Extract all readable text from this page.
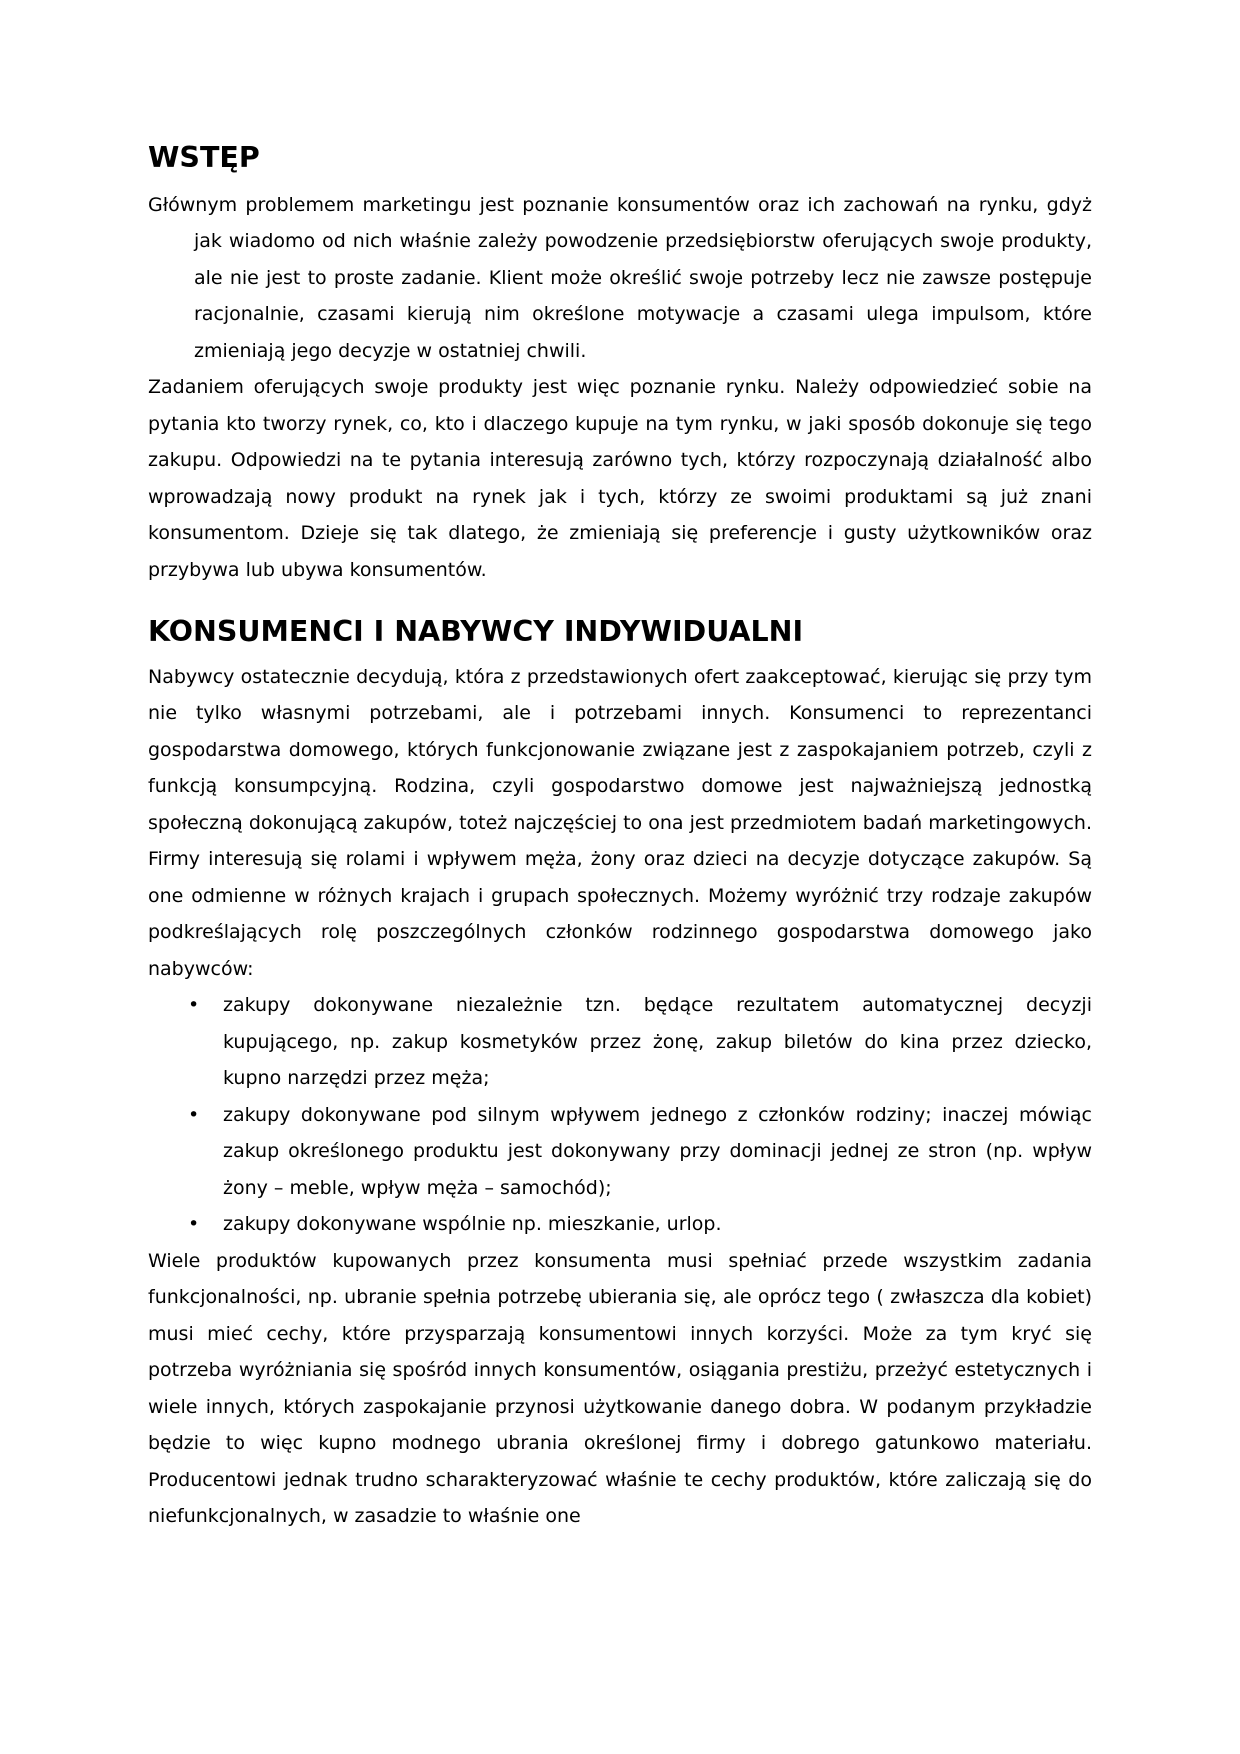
WSTĘP

Głównym problemem marketingu jest poznanie konsumentów oraz ich zachowań na rynku, gdyż jak wiadomo od nich właśnie zależy powodzenie przedsiębiorstw oferujących swoje produkty, ale nie jest to proste zadanie. Klient może określić swoje potrzeby lecz nie zawsze postępuje racjonalnie, czasami kierują nim określone motywacje a czasami ulega impulsom, które zmieniają jego decyzje w ostatniej chwili.

Zadaniem oferujących swoje produkty jest więc poznanie rynku. Należy odpowiedzieć sobie na pytania kto tworzy rynek, co, kto i dlaczego kupuje na tym rynku, w jaki sposób dokonuje się tego zakupu. Odpowiedzi na te pytania interesują zarówno tych, którzy rozpoczynają działalność albo wprowadzają nowy produkt na rynek jak i tych, którzy ze swoimi produktami są już znani konsumentom. Dzieje się tak dlatego, że zmieniają się preferencje i gusty użytkowników oraz przybywa lub ubywa konsumentów.

KONSUMENCI I NABYWCY INDYWIDUALNI

Nabywcy ostatecznie decydują, która z przedstawionych ofert zaakceptować, kierując się przy tym nie tylko własnymi potrzebami, ale i potrzebami innych. Konsumenci to reprezentanci gospodarstwa domowego, których funkcjonowanie związane jest z zaspokajaniem potrzeb, czyli z funkcją konsumpcyjną. Rodzina, czyli gospodarstwo domowe jest najważniejszą jednostką społeczną dokonującą zakupów, toteż najczęściej to ona jest przedmiotem badań marketingowych. Firmy interesują się rolami i wpływem męża, żony oraz dzieci na decyzje dotyczące zakupów. Są one odmienne w różnych krajach i grupach społecznych. Możemy wyróżnić trzy rodzaje zakupów podkreślających rolę poszczególnych członków rodzinnego gospodarstwa domowego jako nabywców:

• zakupy dokonywane niezależnie tzn. będące rezultatem automatycznej decyzji kupującego, np. zakup kosmetyków przez żonę, zakup biletów do kina przez dziecko, kupno narzędzi przez męża;
• zakupy dokonywane pod silnym wpływem jednego z członków rodziny; inaczej mówiąc zakup określonego produktu jest dokonywany przy dominacji jednej ze stron (np. wpływ żony – meble, wpływ męża – samochód);
• zakupy dokonywane wspólnie np. mieszkanie, urlop.

Wiele produktów kupowanych przez konsumenta musi spełniać przede wszystkim zadania funkcjonalności, np. ubranie spełnia potrzebę ubierania się, ale oprócz tego ( zwłaszcza dla kobiet) musi mieć cechy, które przysparzają konsumentowi innych korzyści. Może za tym kryć się potrzeba wyróżniania się spośród innych konsumentów, osiągania prestiżu, przeżyć estetycznych i wiele innych, których zaspokajanie przynosi użytkowanie danego dobra. W podanym przykładzie będzie to więc kupno modnego ubrania określonej firmy i dobrego gatunkowo materiału. Producentowi jednak trudno scharakteryzować właśnie te cechy produktów, które zaliczają się do niefunkcjonalnych, w zasadzie to właśnie one
